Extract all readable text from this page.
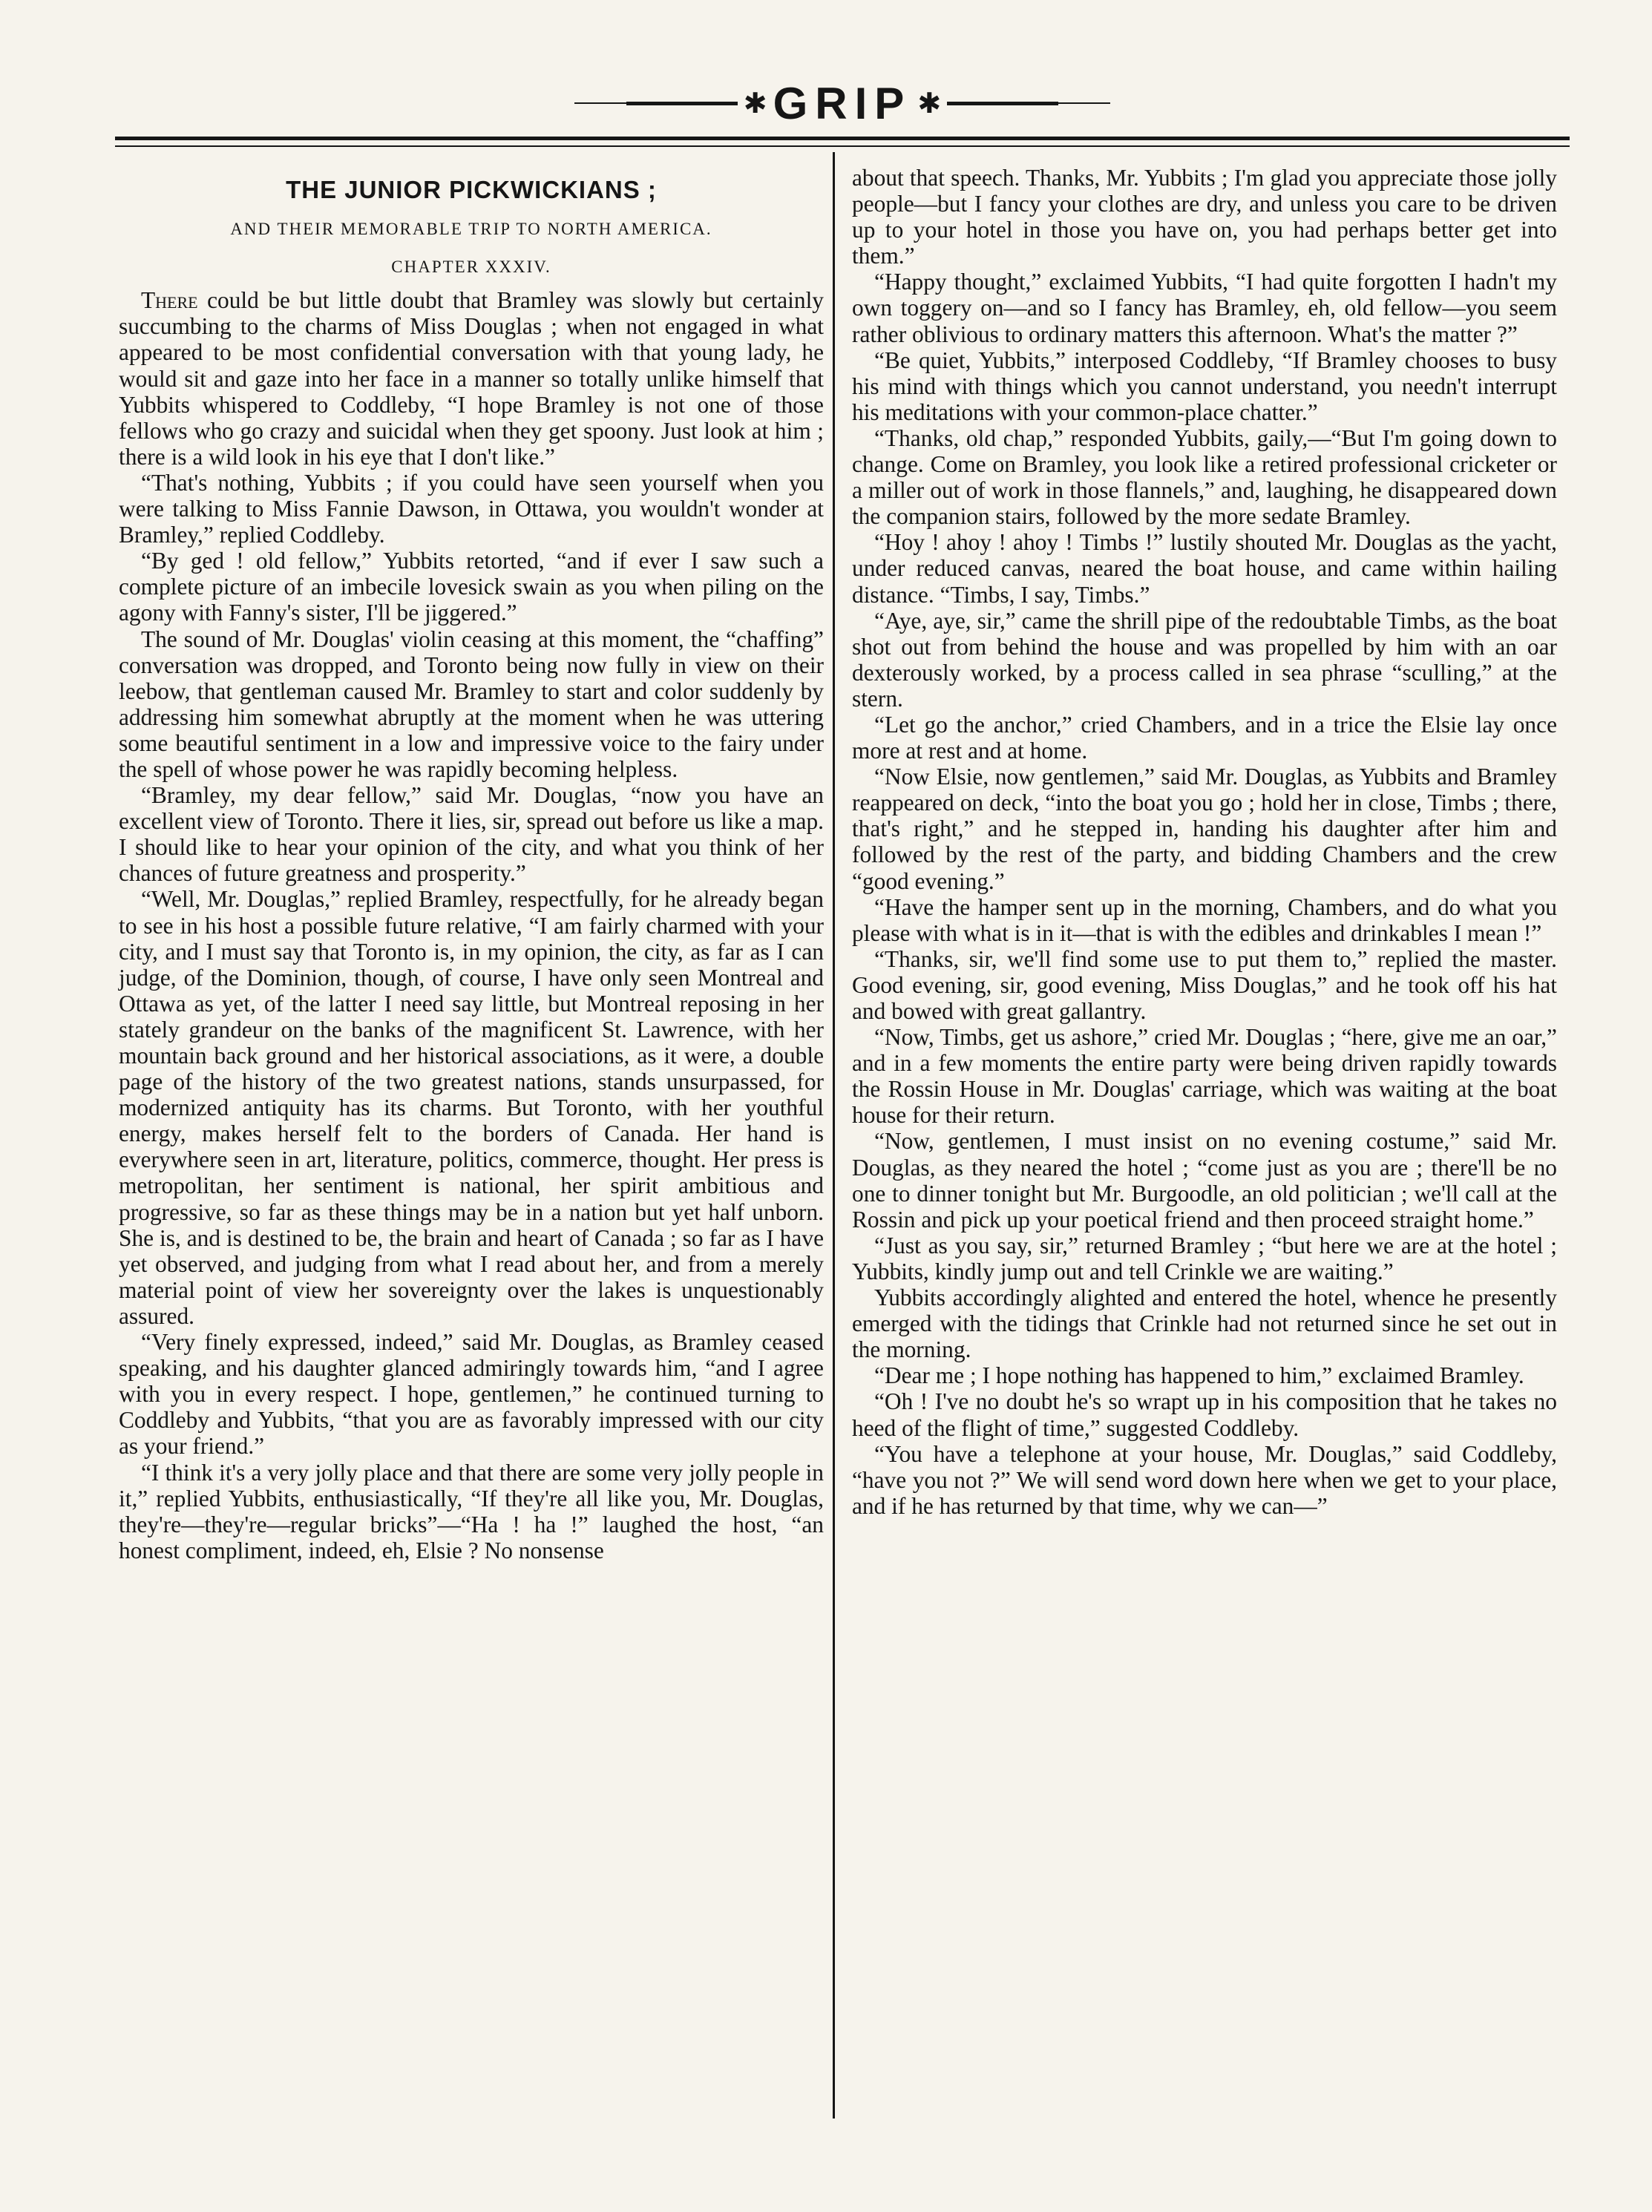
✱ GRIP ✱
THE JUNIOR PICKWICKIANS ;
AND THEIR MEMORABLE TRIP TO NORTH AMERICA.
CHAPTER XXXIV.

There could be but little doubt that Bramley was slowly but certainly succumbing to the charms of Miss Douglas ; when not engaged in what appeared to be most confidential conversation with that young lady, he would sit and gaze into her face in a manner so totally unlike himself that Yubbits whispered to Coddleby, “I hope Bramley is not one of those fellows who go crazy and suicidal when they get spoony. Just look at him ; there is a wild look in his eye that I don't like.”

“That's nothing, Yubbits ; if you could have seen yourself when you were talking to Miss Fannie Dawson, in Ottawa, you wouldn't wonder at Bramley,” replied Coddleby.

“By ged ! old fellow,” Yubbits retorted, “and if ever I saw such a complete picture of an imbecile lovesick swain as you when piling on the agony with Fanny's sister, I'll be jiggered.”

The sound of Mr. Douglas' violin ceasing at this moment, the “chaffing” conversation was dropped, and Toronto being now fully in view on their leebow, that gentleman caused Mr. Bramley to start and color suddenly by addressing him somewhat abruptly at the moment when he was uttering some beautiful sentiment in a low and impressive voice to the fairy under the spell of whose power he was rapidly becoming helpless.

“Bramley, my dear fellow,” said Mr. Douglas, “now you have an excellent view of Toronto. There it lies, sir, spread out before us like a map. I should like to hear your opinion of the city, and what you think of her chances of future greatness and prosperity.”

“Well, Mr. Douglas,” replied Bramley, respectfully, for he already began to see in his host a possible future relative, “I am fairly charmed with your city, and I must say that Toronto is, in my opinion, the city, as far as I can judge, of the Dominion, though, of course, I have only seen Montreal and Ottawa as yet, of the latter I need say little, but Montreal reposing in her stately grandeur on the banks of the magnificent St. Lawrence, with her mountain back ground and her historical associations, as it were, a double page of the history of the two greatest nations, stands unsurpassed, for modernized antiquity has its charms. But Toronto, with her youthful energy, makes herself felt to the borders of Canada. Her hand is everywhere seen in art, literature, politics, commerce, thought. Her press is metropolitan, her sentiment is national, her spirit ambitious and progressive, so far as these things may be in a nation but yet half unborn. She is, and is destined to be, the brain and heart of Canada ; so far as I have yet observed, and judging from what I read about her, and from a merely material point of view her sovereignty over the lakes is unquestionably assured.

“Very finely expressed, indeed,” said Mr. Douglas, as Bramley ceased speaking, and his daughter glanced admiringly towards him, “and I agree with you in every respect. I hope, gentlemen,” he continued turning to Coddleby and Yubbits, “that you are as favorably impressed with our city as your friend.”

“I think it's a very jolly place and that there are some very jolly people in it,” replied Yubbits, enthusiastically, “If they're all like you, Mr. Douglas, they're—they're—regular bricks”—“Ha ! ha !” laughed the host, “an honest compliment, indeed, eh, Elsie ? No nonsense

about that speech. Thanks, Mr. Yubbits ; I'm glad you appreciate those jolly people—but I fancy your clothes are dry, and unless you care to be driven up to your hotel in those you have on, you had perhaps better get into them.”

“Happy thought,” exclaimed Yubbits, “I had quite forgotten I hadn't my own toggery on—and so I fancy has Bramley, eh, old fellow—you seem rather oblivious to ordinary matters this afternoon. What's the matter ?”

“Be quiet, Yubbits,” interposed Coddleby, “If Bramley chooses to busy his mind with things which you cannot understand, you needn't interrupt his meditations with your common-place chatter.”

“Thanks, old chap,” responded Yubbits, gaily,—“But I'm going down to change. Come on Bramley, you look like a retired professional cricketer or a miller out of work in those flannels,” and, laughing, he disappeared down the companion stairs, followed by the more sedate Bramley.

“Hoy ! ahoy ! ahoy ! Timbs !” lustily shouted Mr. Douglas as the yacht, under reduced canvas, neared the boat house, and came within hailing distance. “Timbs, I say, Timbs.”

“Aye, aye, sir,” came the shrill pipe of the redoubtable Timbs, as the boat shot out from behind the house and was propelled by him with an oar dexterously worked, by a process called in sea phrase “sculling,” at the stern.

“Let go the anchor,” cried Chambers, and in a trice the Elsie lay once more at rest and at home.

“Now Elsie, now gentlemen,” said Mr. Douglas, as Yubbits and Bramley reappeared on deck, “into the boat you go ; hold her in close, Timbs ; there, that's right,” and he stepped in, handing his daughter after him and followed by the rest of the party, and bidding Chambers and the crew “good evening.”

“Have the hamper sent up in the morning, Chambers, and do what you please with what is in it—that is with the edibles and drinkables I mean !”

“Thanks, sir, we'll find some use to put them to,” replied the master. Good evening, sir, good evening, Miss Douglas,” and he took off his hat and bowed with great gallantry.

“Now, Timbs, get us ashore,” cried Mr. Douglas ; “here, give me an oar,” and in a few moments the entire party were being driven rapidly towards the Rossin House in Mr. Douglas' carriage, which was waiting at the boat house for their return.

“Now, gentlemen, I must insist on no evening costume,” said Mr. Douglas, as they neared the hotel ; “come just as you are ; there'll be no one to dinner tonight but Mr. Burgoodle, an old politician ; we'll call at the Rossin and pick up your poetical friend and then proceed straight home.”

“Just as you say, sir,” returned Bramley ; “but here we are at the hotel ; Yubbits, kindly jump out and tell Crinkle we are waiting.”

Yubbits accordingly alighted and entered the hotel, whence he presently emerged with the tidings that Crinkle had not returned since he set out in the morning.

“Dear me ; I hope nothing has happened to him,” exclaimed Bramley.

“Oh ! I've no doubt he's so wrapt up in his composition that he takes no heed of the flight of time,” suggested Coddleby.

“You have a telephone at your house, Mr. Douglas,” said Coddleby, “have you not ?” We will send word down here when we get to your place, and if he has returned by that time, why we can—”
